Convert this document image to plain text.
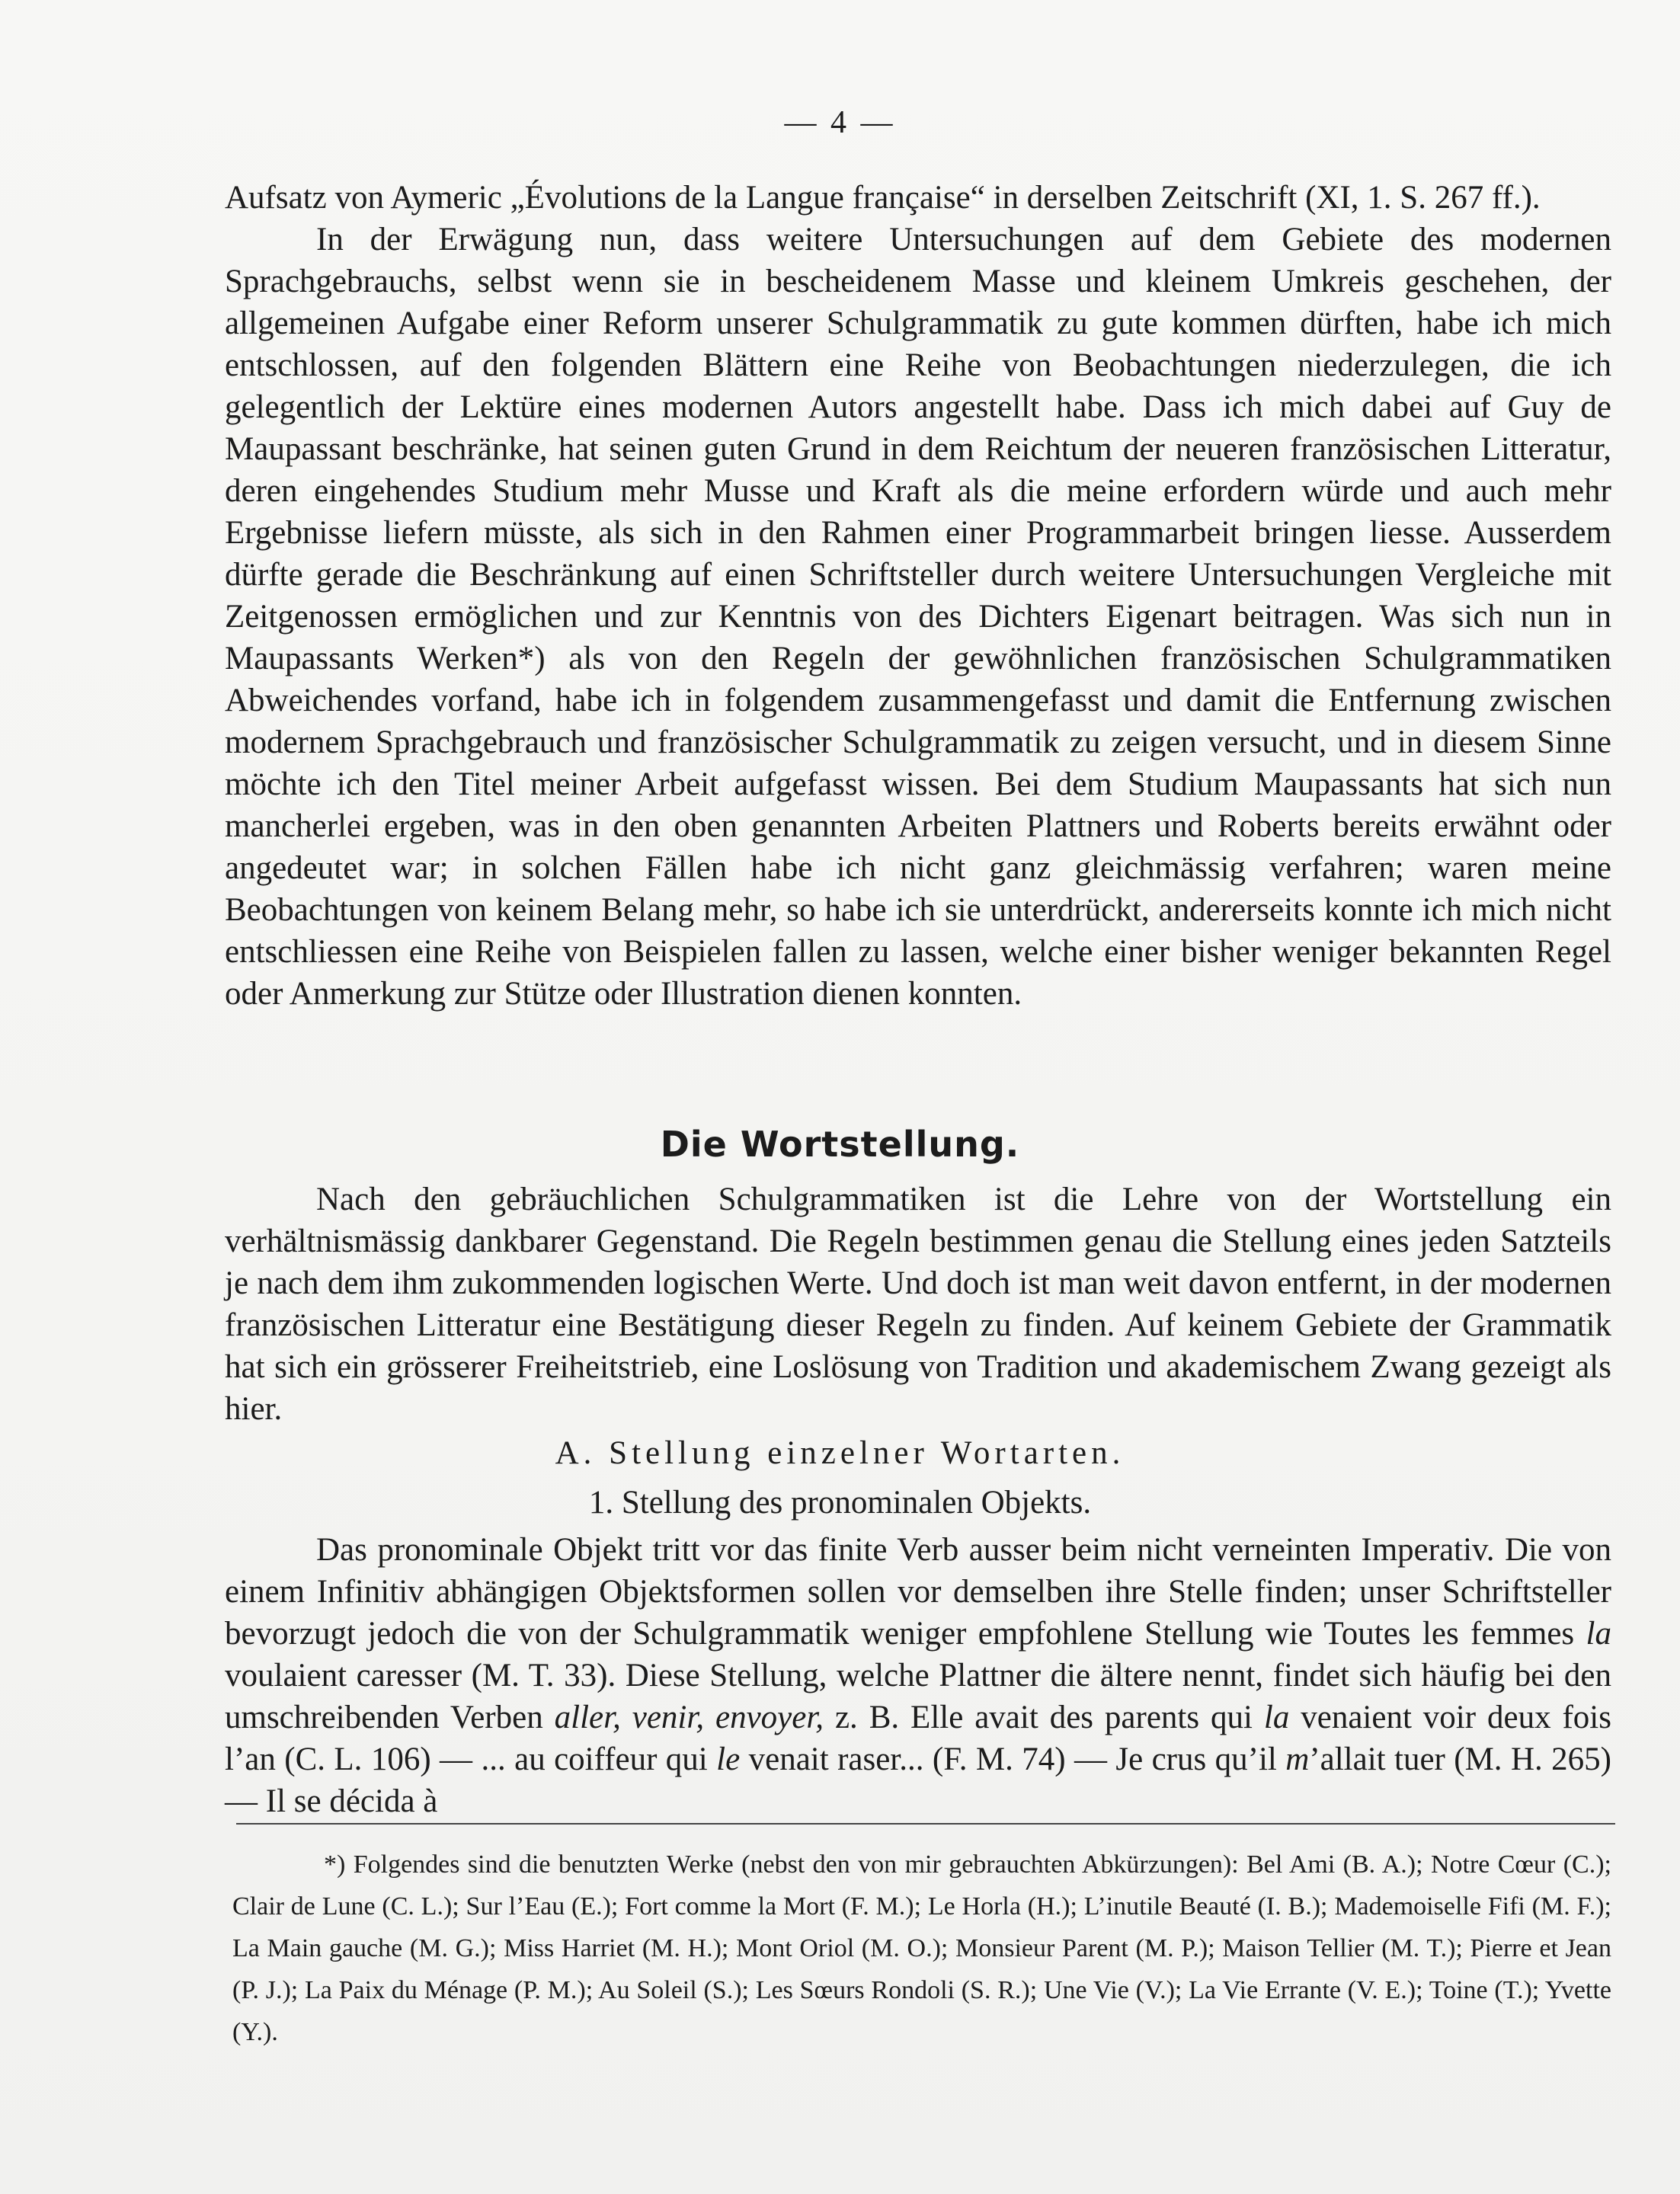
— 4 —

Aufsatz von Aymeric „Évolutions de la Langue française“ in derselben Zeitschrift (XI, 1. S. 267 ff.).

In der Erwägung nun, dass weitere Untersuchungen auf dem Gebiete des modernen Sprachgebrauchs, selbst wenn sie in bescheidenem Masse und kleinem Umkreis geschehen, der allgemeinen Aufgabe einer Reform unserer Schulgrammatik zu gute kommen dürften, habe ich mich entschlossen, auf den folgenden Blättern eine Reihe von Beobachtungen niederzulegen, die ich gelegentlich der Lektüre eines modernen Autors angestellt habe. Dass ich mich dabei auf Guy de Maupassant beschränke, hat seinen guten Grund in dem Reichtum der neueren französischen Litteratur, deren eingehendes Studium mehr Musse und Kraft als die meine erfordern würde und auch mehr Ergebnisse liefern müsste, als sich in den Rahmen einer Programmarbeit bringen liesse. Ausserdem dürfte gerade die Beschränkung auf einen Schriftsteller durch weitere Untersuchungen Vergleiche mit Zeitgenossen ermöglichen und zur Kenntnis von des Dichters Eigenart beitragen. Was sich nun in Maupassants Werken*) als von den Regeln der gewöhnlichen französischen Schulgrammatiken Abweichendes vorfand, habe ich in folgendem zusammengefasst und damit die Entfernung zwischen modernem Sprachgebrauch und französischer Schulgrammatik zu zeigen versucht, und in diesem Sinne möchte ich den Titel meiner Arbeit aufgefasst wissen. Bei dem Studium Maupassants hat sich nun mancherlei ergeben, was in den oben genannten Arbeiten Plattners und Roberts bereits erwähnt oder angedeutet war; in solchen Fällen habe ich nicht ganz gleichmässig verfahren; waren meine Beobachtungen von keinem Belang mehr, so habe ich sie unterdrückt, andererseits konnte ich mich nicht entschliessen eine Reihe von Beispielen fallen zu lassen, welche einer bisher weniger bekannten Regel oder Anmerkung zur Stütze oder Illustration dienen konnten.

Die Wortstellung.

Nach den gebräuchlichen Schulgrammatiken ist die Lehre von der Wortstellung ein verhältnismässig dankbarer Gegenstand. Die Regeln bestimmen genau die Stellung eines jeden Satzteils je nach dem ihm zukommenden logischen Werte. Und doch ist man weit davon entfernt, in der modernen französischen Litteratur eine Bestätigung dieser Regeln zu finden. Auf keinem Gebiete der Grammatik hat sich ein grösserer Freiheitstrieb, eine Loslösung von Tradition und akademischem Zwang gezeigt als hier.

A. Stellung einzelner Wortarten.
1. Stellung des pronominalen Objekts.

Das pronominale Objekt tritt vor das finite Verb ausser beim nicht verneinten Imperativ. Die von einem Infinitiv abhängigen Objektsformen sollen vor demselben ihre Stelle finden; unser Schriftsteller bevorzugt jedoch die von der Schulgrammatik weniger empfohlene Stellung wie Toutes les femmes la voulaient caresser (M. T. 33). Diese Stellung, welche Plattner die ältere nennt, findet sich häufig bei den umschreibenden Verben aller, venir, envoyer, z. B. Elle avait des parents qui la venaient voir deux fois l’an (C. L. 106) — ... au coiffeur qui le venait raser... (F. M. 74) — Je crus qu’il m’allait tuer (M. H. 265) — Il se décida à

*) Folgendes sind die benutzten Werke (nebst den von mir gebrauchten Abkürzungen): Bel Ami (B. A.); Notre Cœur (C.); Clair de Lune (C. L.); Sur l’Eau (E.); Fort comme la Mort (F. M.); Le Horla (H.); L’inutile Beauté (I. B.); Mademoiselle Fifi (M. F.); La Main gauche (M. G.); Miss Harriet (M. H.); Mont Oriol (M. O.); Monsieur Parent (M. P.); Maison Tellier (M. T.); Pierre et Jean (P. J.); La Paix du Ménage (P. M.); Au Soleil (S.); Les Sœurs Rondoli (S. R.); Une Vie (V.); La Vie Errante (V. E.); Toine (T.); Yvette (Y.).
